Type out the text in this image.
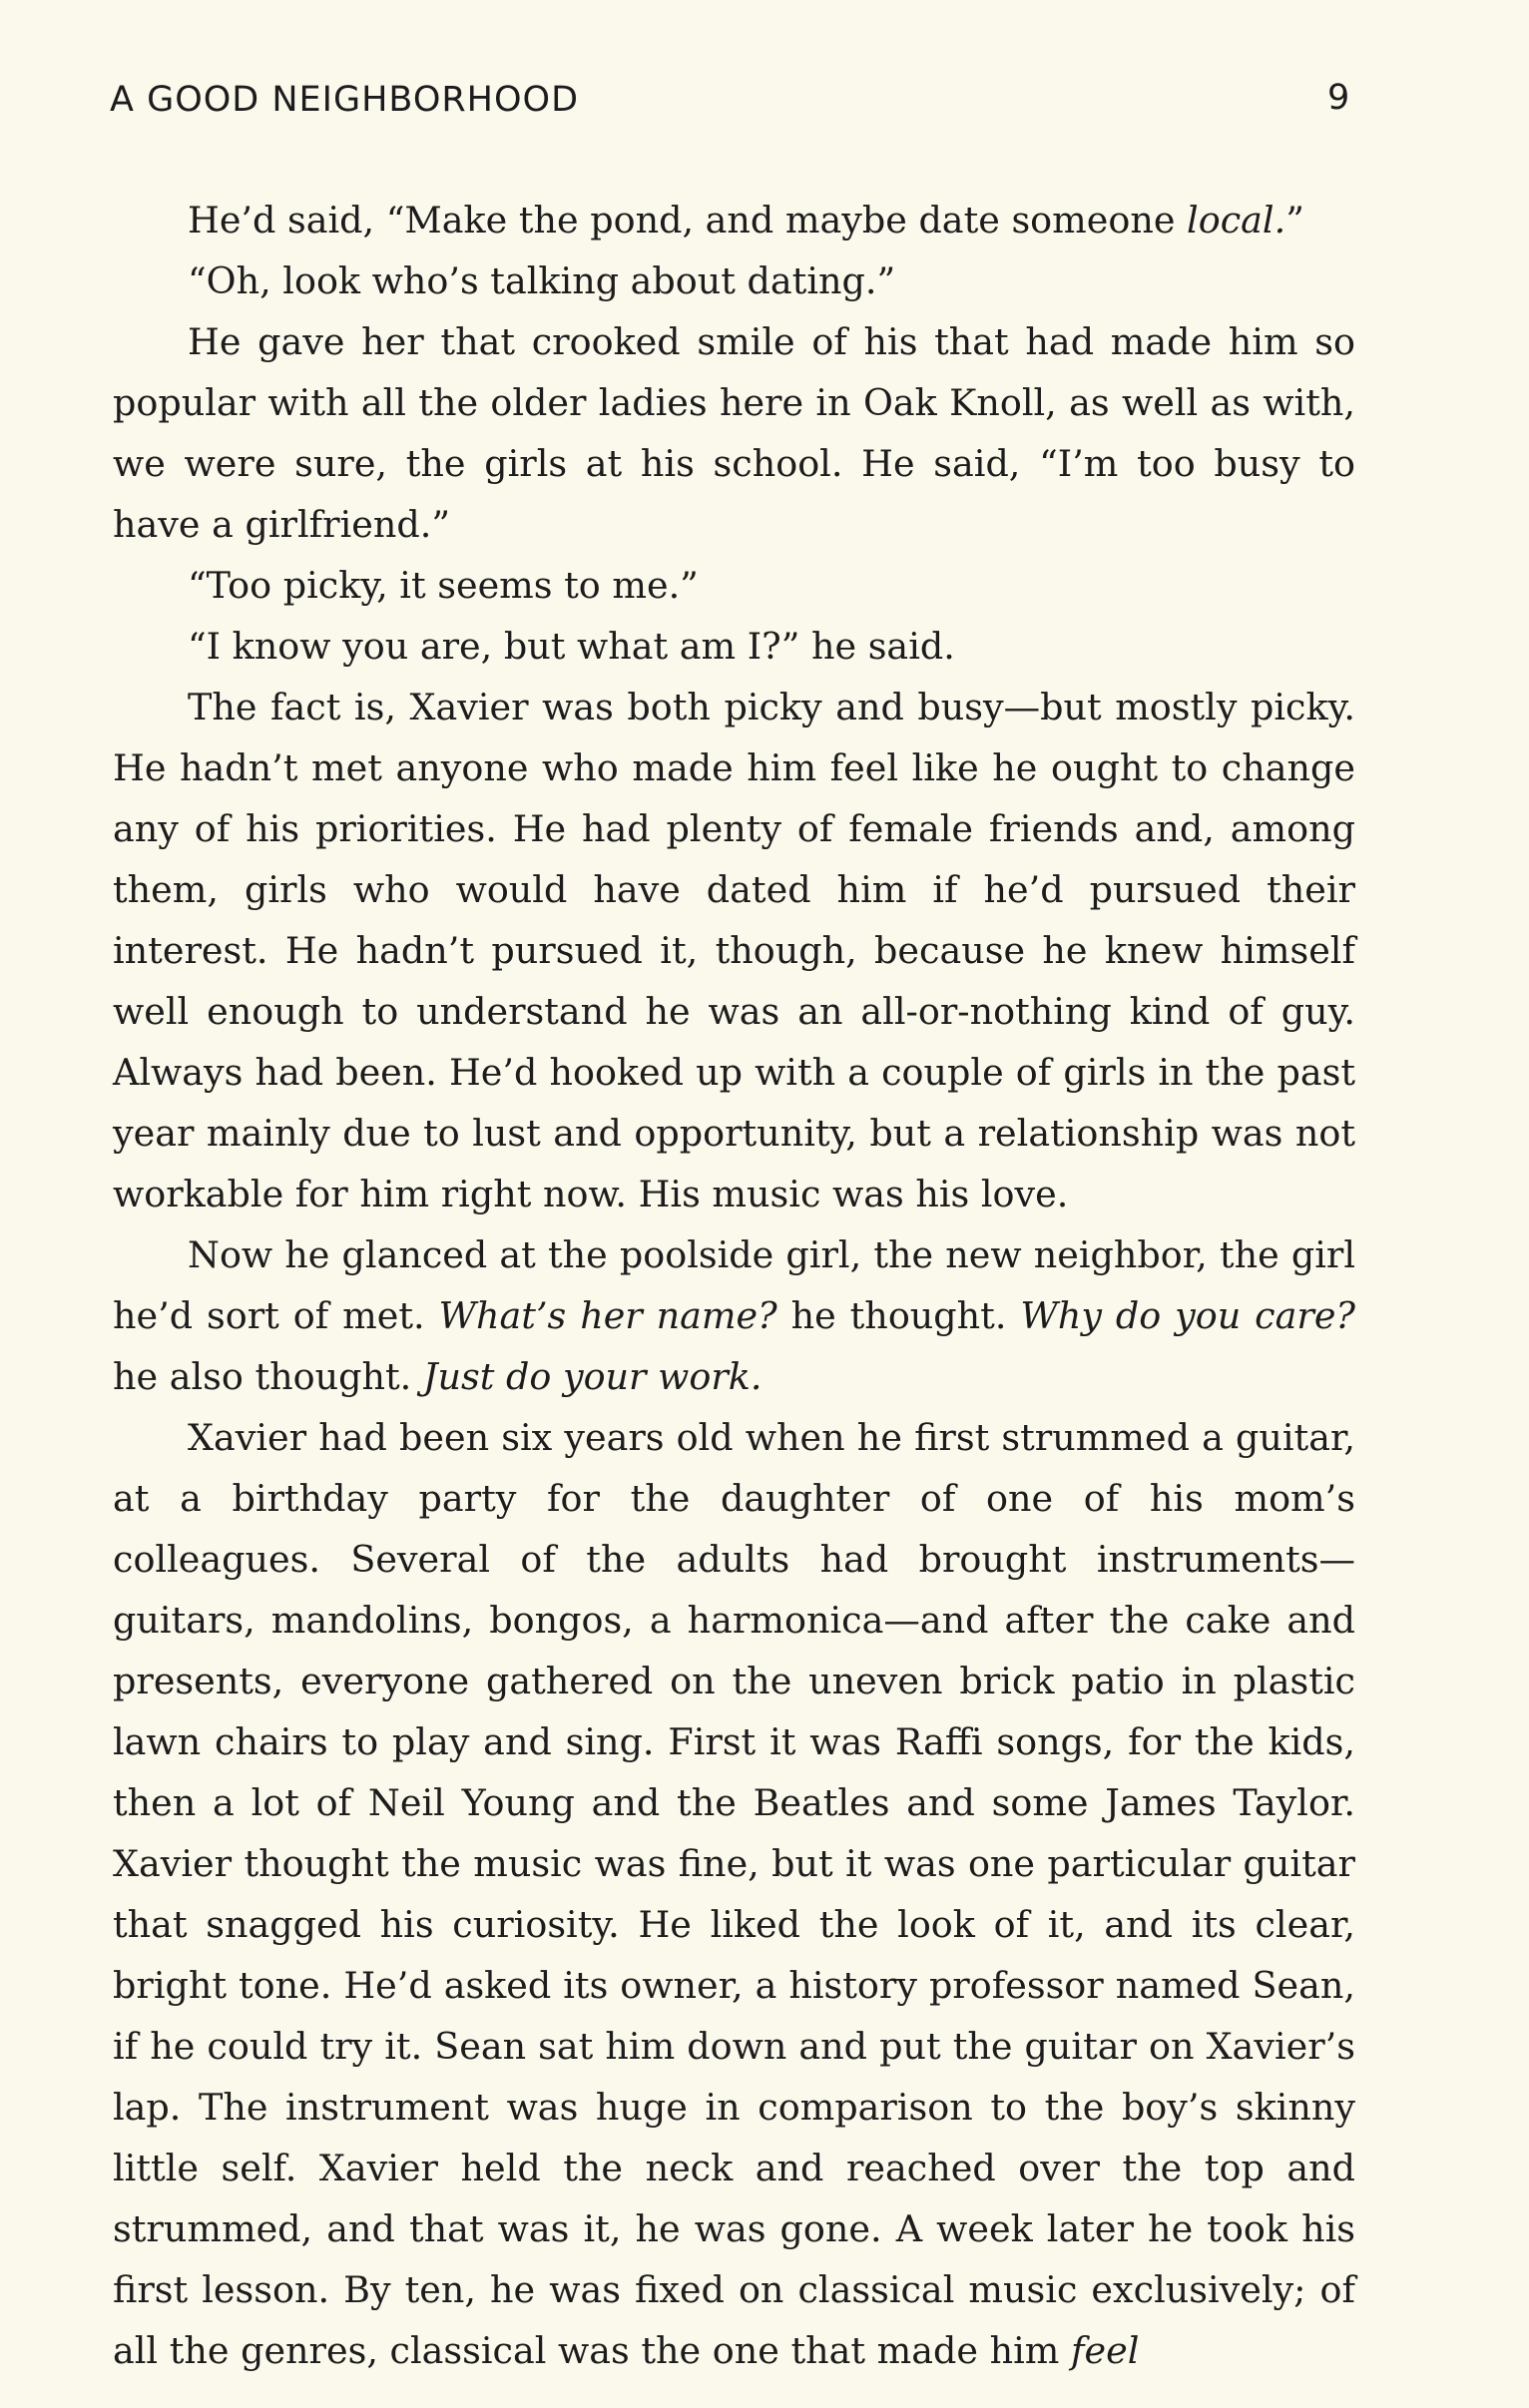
A GOOD NEIGHBORHOOD	9

He’d said, “Make the pond, and maybe date someone local.”

“Oh, look who’s talking about dating.”

He gave her that crooked smile of his that had made him so popular with all the older ladies here in Oak Knoll, as well as with, we were sure, the girls at his school. He said, “I’m too busy to have a girlfriend.”

“Too picky, it seems to me.”

“I know you are, but what am I?” he said.

The fact is, Xavier was both picky and busy—but mostly picky. He hadn’t met anyone who made him feel like he ought to change any of his priorities. He had plenty of female friends and, among them, girls who would have dated him if he’d pursued their interest. He hadn’t pursued it, though, because he knew himself well enough to understand he was an all-or-nothing kind of guy. Always had been. He’d hooked up with a couple of girls in the past year mainly due to lust and opportunity, but a relationship was not workable for him right now. His music was his love.

Now he glanced at the poolside girl, the new neighbor, the girl he’d sort of met. What’s her name? he thought. Why do you care? he also thought. Just do your work.

Xavier had been six years old when he first strummed a guitar, at a birthday party for the daughter of one of his mom’s colleagues. Several of the adults had brought instruments—guitars, mandolins, bongos, a harmonica—and after the cake and presents, everyone gathered on the uneven brick patio in plastic lawn chairs to play and sing. First it was Raffi songs, for the kids, then a lot of Neil Young and the Beatles and some James Taylor. Xavier thought the music was fine, but it was one particular guitar that snagged his curiosity. He liked the look of it, and its clear, bright tone. He’d asked its owner, a history professor named Sean, if he could try it. Sean sat him down and put the guitar on Xavier’s lap. The instrument was huge in comparison to the boy’s skinny little self. Xavier held the neck and reached over the top and strummed, and that was it, he was gone. A week later he took his first lesson. By ten, he was fixed on classical music exclusively; of all the genres, classical was the one that made him feel
